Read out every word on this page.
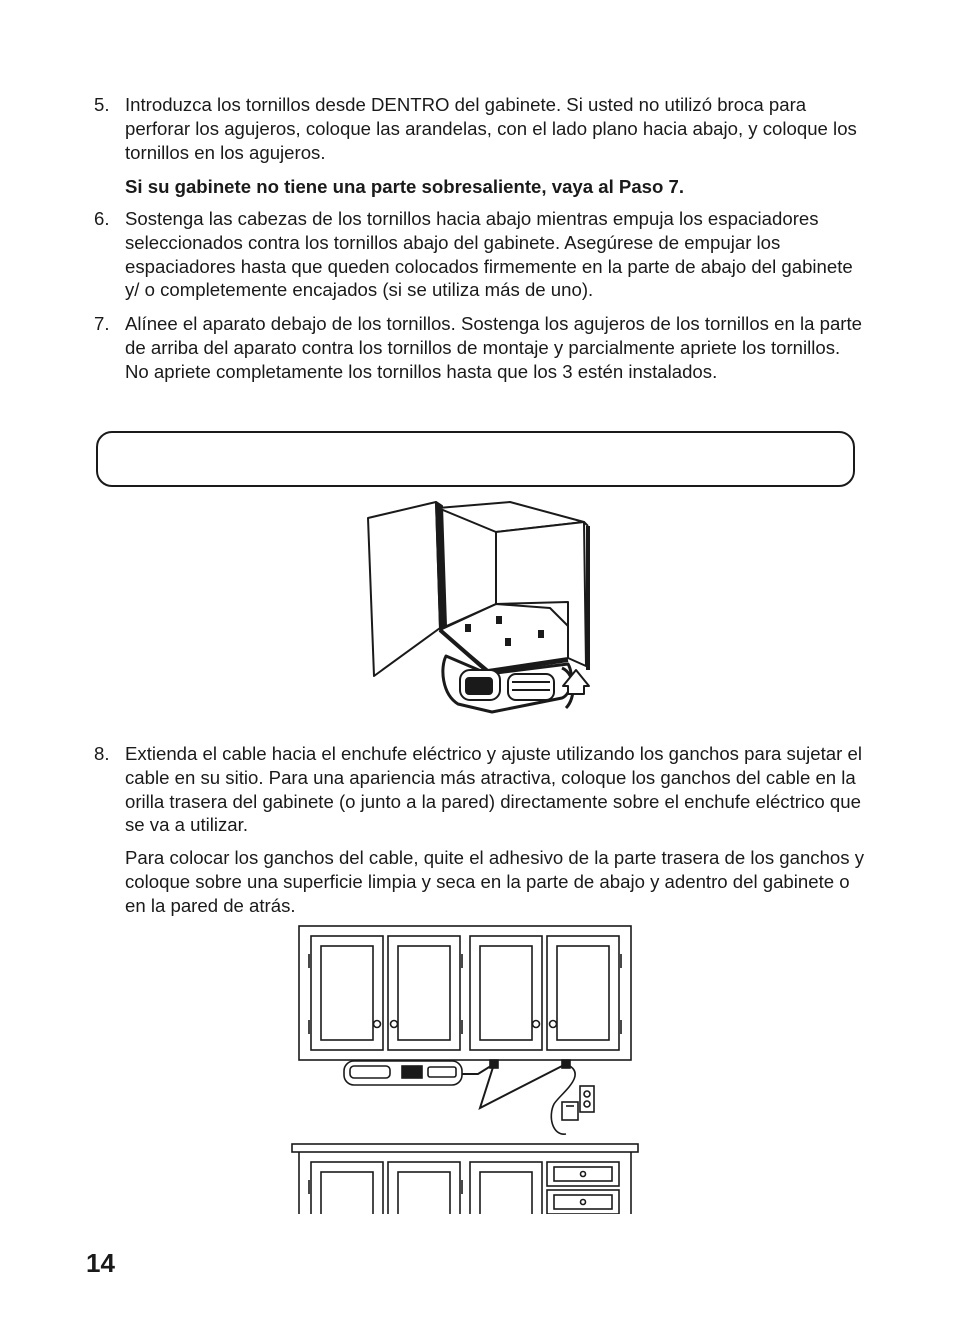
5. Introduzca los tornillos desde DENTRO del gabinete. Si usted no utilizó broca para perforar los agujeros, coloque las arandelas, con el lado plano hacia abajo, y coloque los tornillos en los agujeros.
Si su gabinete no tiene una parte sobresaliente, vaya al Paso 7.
6. Sostenga las cabezas de los tornillos hacia abajo mientras empuja los espaciadores seleccionados contra los tornillos abajo del gabinete. Asegúrese de empujar los espaciadores hasta que queden colocados firmemente en la parte de abajo del gabinete y/ o completemente encajados (si se utiliza más de uno).
7. Alínee el aparato debajo de los tornillos. Sostenga los agujeros de los tornillos en la parte de arriba del aparato contra los tornillos de montaje y parcialmente apriete los tornillos. No apriete completamente los tornillos hasta que los 3 estén instalados.
8. Extienda el cable hacia el enchufe eléctrico y ajuste utilizando los ganchos para sujetar el cable en su sitio. Para una apariencia más atractiva, coloque los ganchos del cable en la orilla trasera del gabinete (o junto a la pared) directamente sobre el enchufe eléctrico que se va a utilizar.
Para colocar los ganchos del cable, quite el adhesivo de la parte trasera de los ganchos y coloque sobre una superficie limpia y seca en la parte de abajo y adentro del gabinete o en la pared de atrás.
14
